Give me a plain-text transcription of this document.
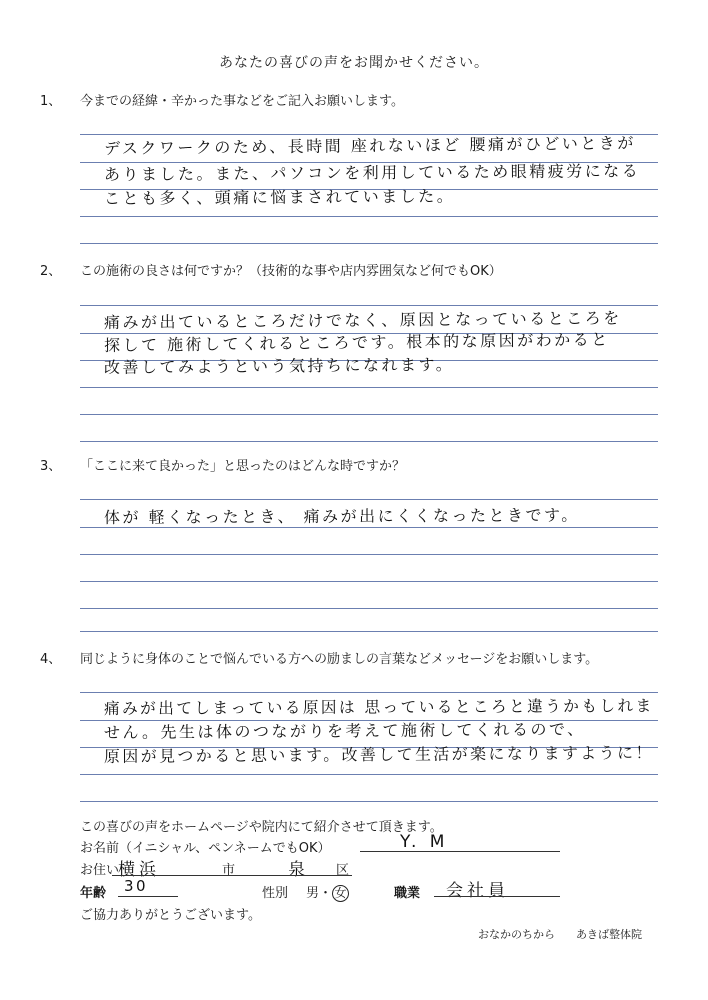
あなたの喜びの声をお聞かせください。
1、 今までの経緯・辛かった事などをご記入お願いします。
デスクワークのため、長時間 座れないほど 腰痛がひどいときが
ありました。また、パソコンを利用しているため眼精疲労になる
ことも多く、頭痛に悩まされていました。
2、 この施術の良さは何ですか？（技術的な事や店内雰囲気など何でもOK）
痛みが出ているところだけでなく、原因となっているところを
探して 施術してくれるところです。根本的な原因がわかると
改善してみようという気持ちになれます。
3、 「ここに来て良かった」と思ったのはどんな時ですか？
体が 軽くなったとき、 痛みが出にくくなったときです。
4、 同じように身体のことで悩んでいる方への励ましの言葉などメッセージをお願いします。
痛みが出てしまっている原因は 思っているところと違うかもしれま
せん。先生は体のつながりを考えて施術してくれるので、
原因が見つかると思います。改善して生活が楽になりますように！
この喜びの声をホームページや院内にて紹介させて頂きます。
お名前（イニシャル、ペンネームでもOK）	Y. M
お住い
横浜	市	泉 区
年齢 30	性別 男・ 女	職業 会社員
ご協力ありがとうございます。
おなかのちから あきば整体院
